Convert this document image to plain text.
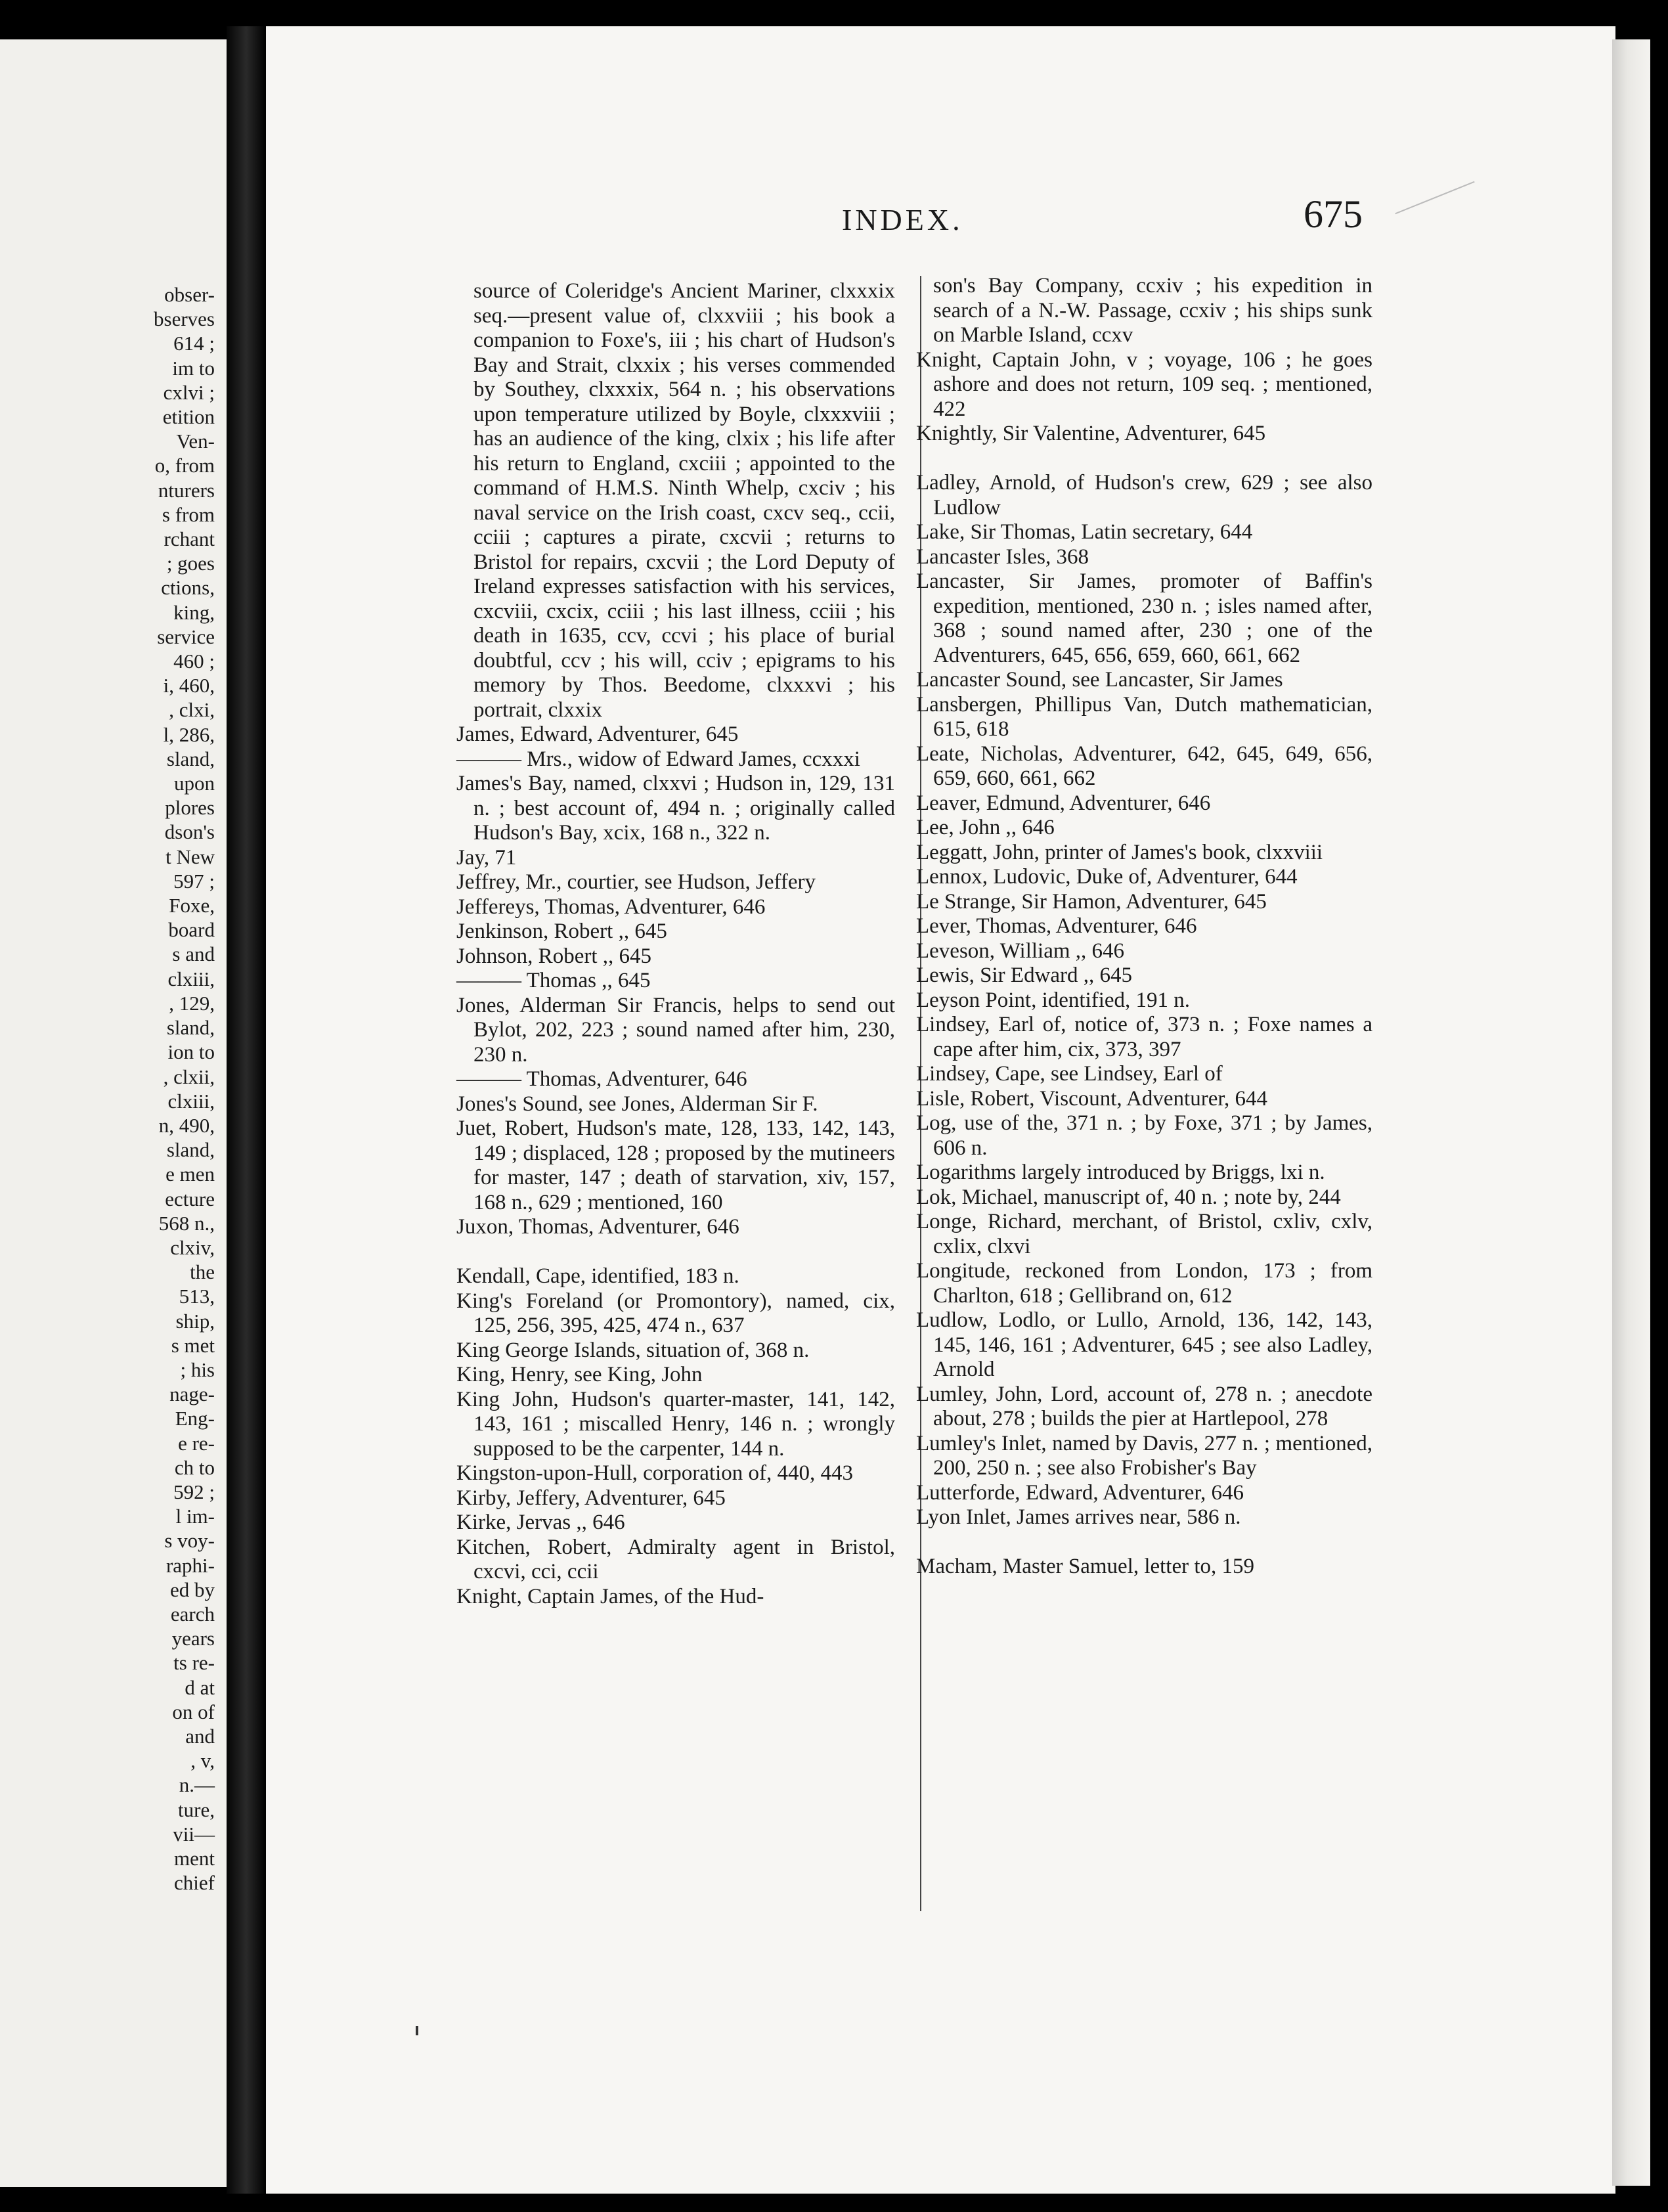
obser-
bserves
614 ;
im to
cxlvi ;
etition
Ven-
o, from
nturers
s from
rchant
; goes
ctions,
king,
service
460 ;
i, 460,
, clxi,
l, 286,
sland,
upon
plores
dson's
t New
597 ;
Foxe,
board
s and
clxiii,
, 129,
sland,
ion to
, clxii,
clxiii,
n, 490,
sland,
e men
ecture
568 n.,
clxiv,
the
513,
ship,
s met
; his
nage-
Eng-
e re-
ch to
592 ;
l im-
s voy-
raphi-
ed by
earch
years
ts re-
d at
on of
and
, v,
n.—
ture,
vii—
ment
chief
INDEX.	675
source of Coleridge's Ancient Mariner, clxxxix seq.—present value of, clxxviii ; his book a companion to Foxe's, iii ; his chart of Hudson's Bay and Strait, clxxix ; his verses commended by Southey, clxxxix, 564 n. ; his observations upon temperature utilized by Boyle, clxxxviii ; has an audience of the king, clxix ; his life after his return to England, cxciii ; appointed to the command of H.M.S. Ninth Whelp, cxciv ; his naval service on the Irish coast, cxcv seq., ccii, cciii ; captures a pirate, cxcvii ; returns to Bristol for repairs, cxcvii ; the Lord Deputy of Ireland expresses satisfaction with his services, cxcviii, cxcix, cciii ; his last illness, cciii ; his death in 1635, ccv, ccvi ; his place of burial doubtful, ccv ; his will, cciv ; epigrams to his memory by Thos. Beedome, clxxxvi ; his portrait, clxxix
James, Edward, Adventurer, 645
——— Mrs., widow of Edward James, ccxxxi
James's Bay, named, clxxvi ; Hudson in, 129, 131 n. ; best account of, 494 n. ; originally called Hudson's Bay, xcix, 168 n., 322 n.
Jay, 71
Jeffrey, Mr., courtier, see Hudson, Jeffery
Jeffereys, Thomas, Adventurer, 646
Jenkinson, Robert ,, 645
Johnson, Robert ,, 645
——— Thomas ,, 645
Jones, Alderman Sir Francis, helps to send out Bylot, 202, 223 ; sound named after him, 230, 230 n.
——— Thomas, Adventurer, 646
Jones's Sound, see Jones, Alderman Sir F.
Juet, Robert, Hudson's mate, 128, 133, 142, 143, 149 ; displaced, 128 ; proposed by the mutineers for master, 147 ; death of starvation, xiv, 157, 168 n., 629 ; mentioned, 160
Juxon, Thomas, Adventurer, 646
Kendall, Cape, identified, 183 n.
King's Foreland (or Promontory), named, cix, 125, 256, 395, 425, 474 n., 637
King George Islands, situation of, 368 n.
King, Henry, see King, John
King John, Hudson's quarter-master, 141, 142, 143, 161 ; miscalled Henry, 146 n. ; wrongly supposed to be the carpenter, 144 n.
Kingston-upon-Hull, corporation of, 440, 443
Kirby, Jeffery, Adventurer, 645
Kirke, Jervas ,, 646
Kitchen, Robert, Admiralty agent in Bristol, cxcvi, cci, ccii
Knight, Captain James, of the Hud-
son's Bay Company, ccxiv ; his expedition in search of a N.-W. Passage, ccxiv ; his ships sunk on Marble Island, ccxv
Knight, Captain John, v ; voyage, 106 ; he goes ashore and does not return, 109 seq. ; mentioned, 422
Knightly, Sir Valentine, Adventurer, 645
Ladley, Arnold, of Hudson's crew, 629 ; see also Ludlow
Lake, Sir Thomas, Latin secretary, 644
Lancaster Isles, 368
Lancaster, Sir James, promoter of Baffin's expedition, mentioned, 230 n. ; isles named after, 368 ; sound named after, 230 ; one of the Adventurers, 645, 656, 659, 660, 661, 662
Lancaster Sound, see Lancaster, Sir James
Lansbergen, Phillipus Van, Dutch mathematician, 615, 618
Leate, Nicholas, Adventurer, 642, 645, 649, 656, 659, 660, 661, 662
Leaver, Edmund, Adventurer, 646
Lee, John ,, 646
Leggatt, John, printer of James's book, clxxviii
Lennox, Ludovic, Duke of, Adventurer, 644
Le Strange, Sir Hamon, Adventurer, 645
Lever, Thomas, Adventurer, 646
Leveson, William ,, 646
Lewis, Sir Edward ,, 645
Leyson Point, identified, 191 n.
Lindsey, Earl of, notice of, 373 n. ; Foxe names a cape after him, cix, 373, 397
Lindsey, Cape, see Lindsey, Earl of
Lisle, Robert, Viscount, Adventurer, 644
Log, use of the, 371 n. ; by Foxe, 371 ; by James, 606 n.
Logarithms largely introduced by Briggs, lxi n.
Lok, Michael, manuscript of, 40 n. ; note by, 244
Longe, Richard, merchant, of Bristol, cxliv, cxlv, cxlix, clxvi
Longitude, reckoned from London, 173 ; from Charlton, 618 ; Gellibrand on, 612
Ludlow, Lodlo, or Lullo, Arnold, 136, 142, 143, 145, 146, 161 ; Adventurer, 645 ; see also Ladley, Arnold
Lumley, John, Lord, account of, 278 n. ; anecdote about, 278 ; builds the pier at Hartlepool, 278
Lumley's Inlet, named by Davis, 277 n. ; mentioned, 200, 250 n. ; see also Frobisher's Bay
Lutterforde, Edward, Adventurer, 646
Lyon Inlet, James arrives near, 586 n.
Macham, Master Samuel, letter to, 159
